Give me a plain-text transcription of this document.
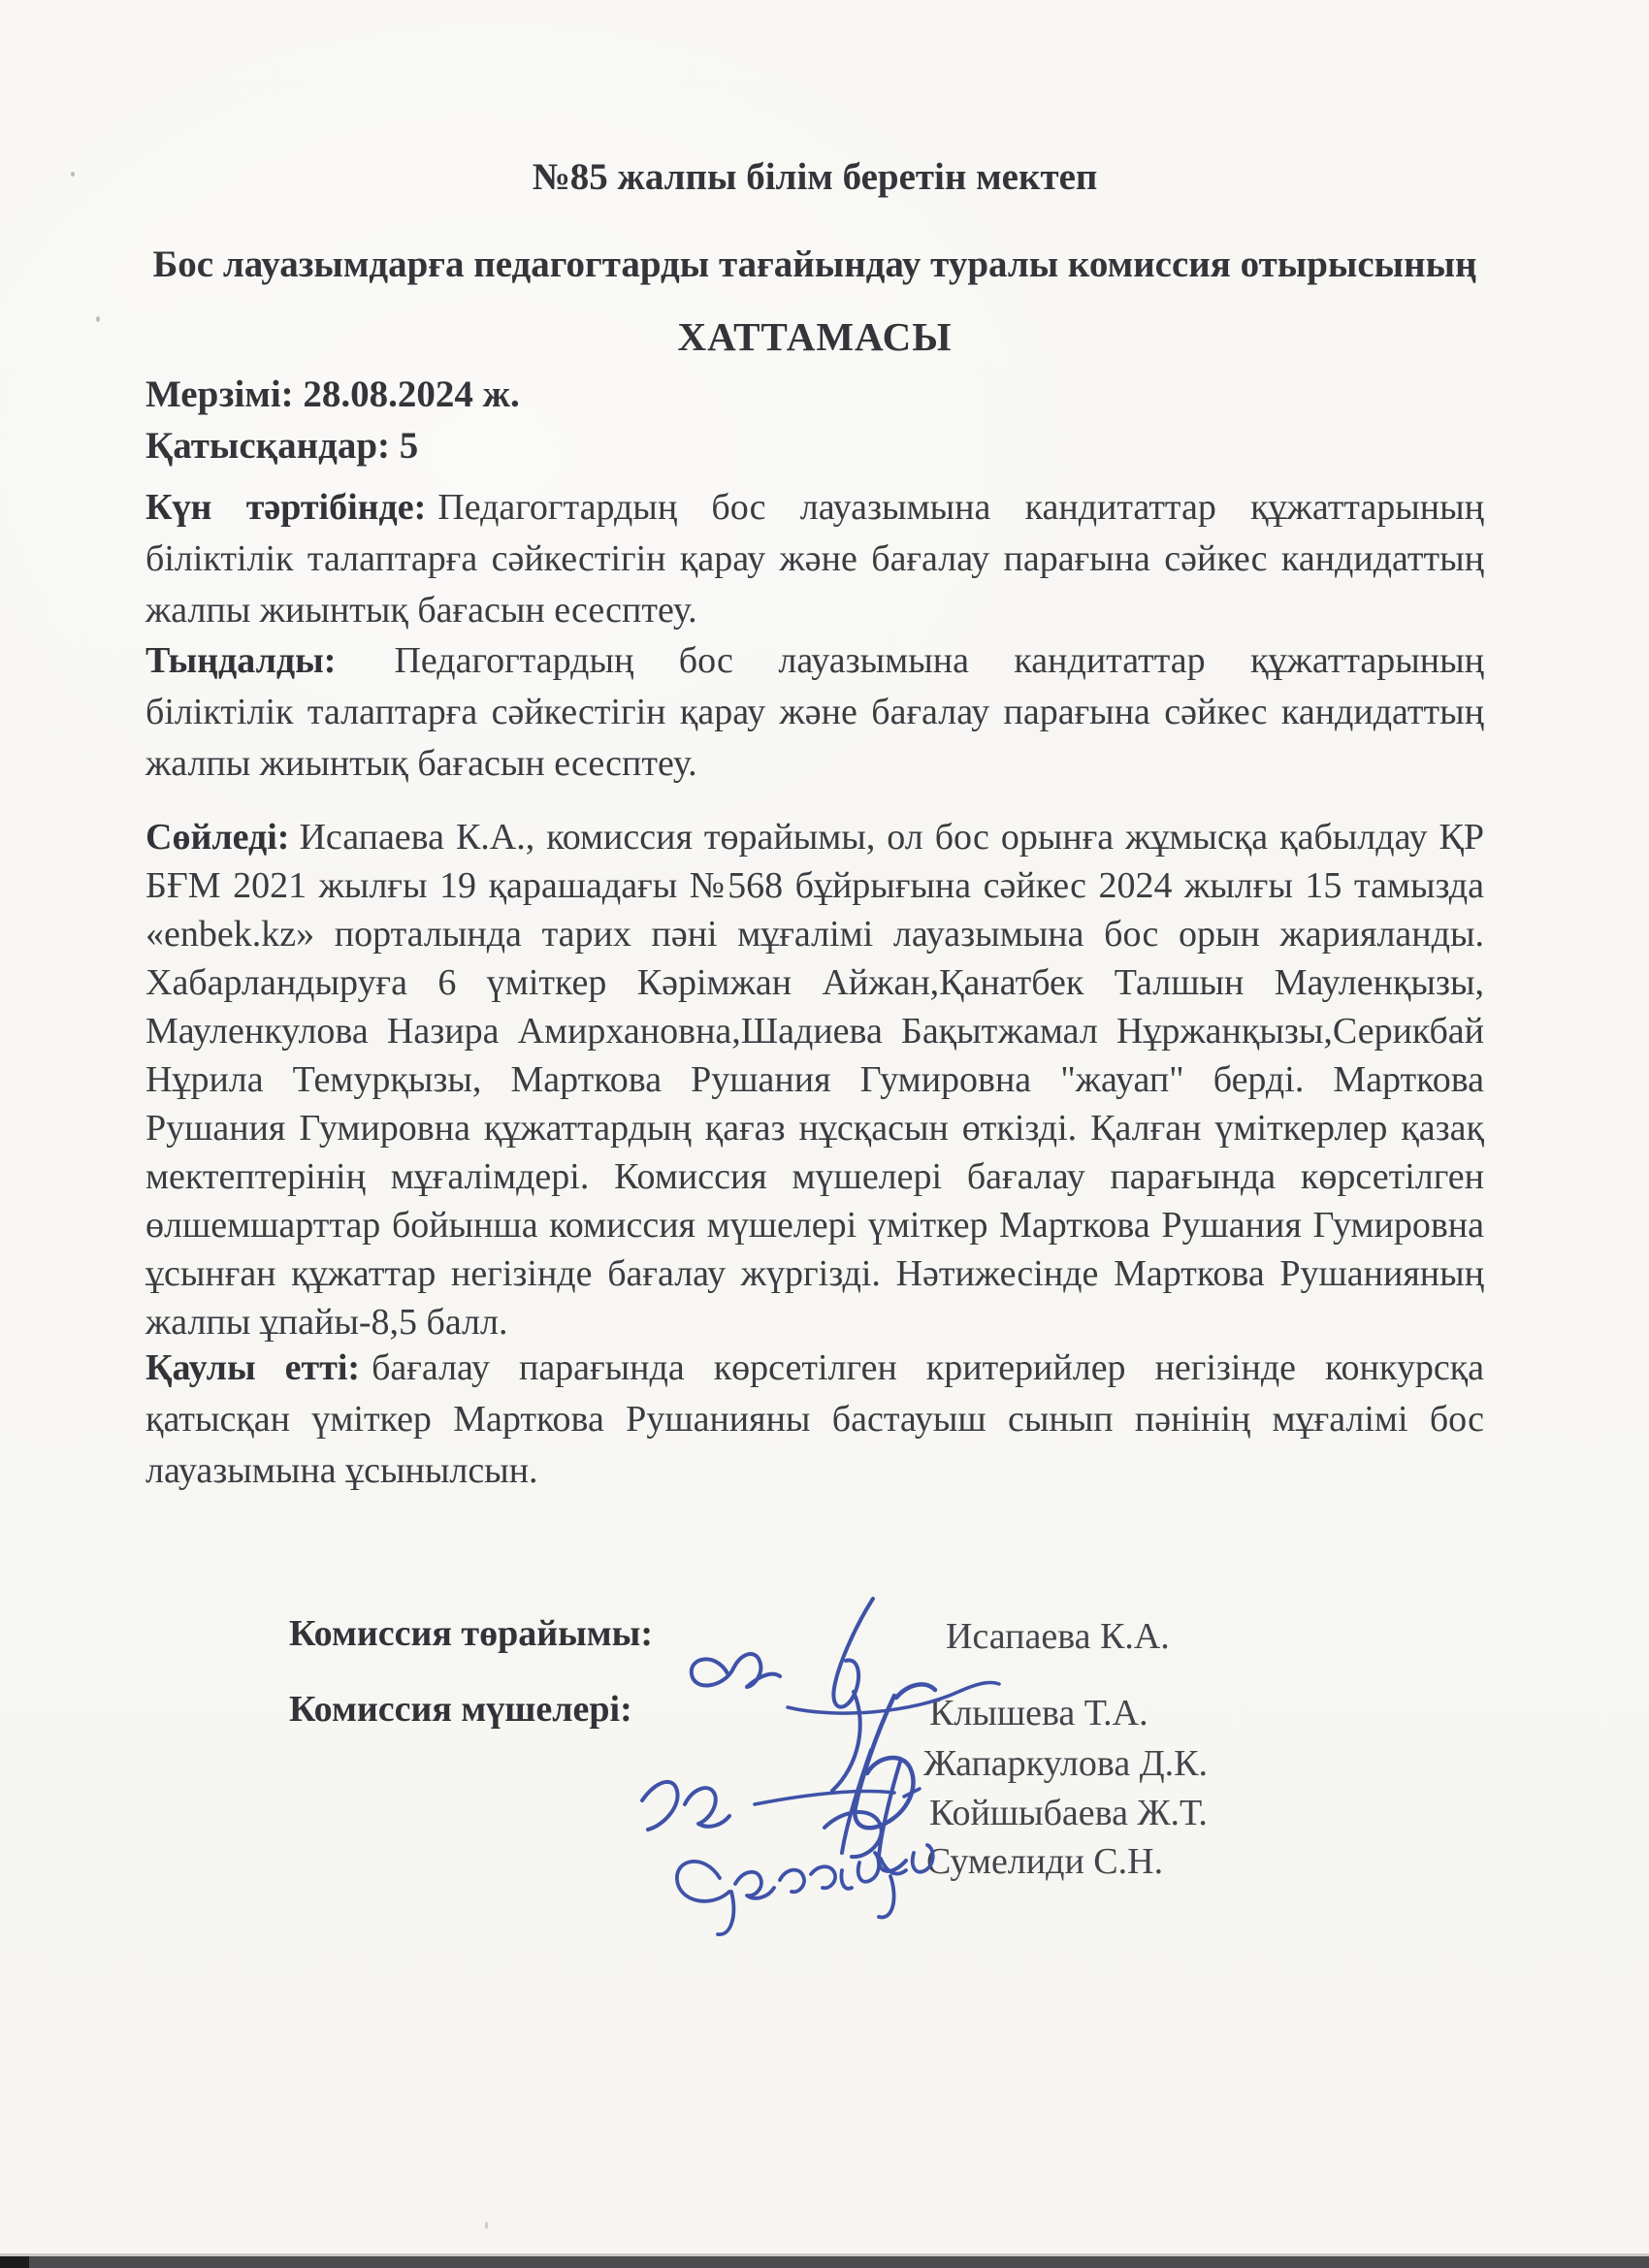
№85 жалпы білім беретін мектеп
Бос лауазымдарға педагогтарды тағайындау туралы комиссия отырысының
ХАТТАМАСЫ
Мерзімі: 28.08.2024 ж.
Қатысқандар: 5
Күн тәртібінде: Педагогтардың бос лауазымына кандитаттар құжаттарының біліктілік талаптарға сәйкестігін қарау және бағалау парағына сәйкес кандидаттың жалпы жиынтық бағасын есесптеу.
Тыңдалды: Педагогтардың бос лауазымына кандитаттар құжаттарының біліктілік талаптарға сәйкестігін қарау және бағалау парағына сәйкес кандидаттың жалпы жиынтық бағасын есесптеу.
Сөйледі: Исапаева К.А., комиссия төрайымы, ол бос орынға жұмысқа қабылдау ҚР БҒМ 2021 жылғы 19 қарашадағы №568 бұйрығына сәйкес 2024 жылғы 15 тамызда «enbek.kz» порталында тарих пәні мұғалімі лауазымына бос орын жарияланды. Хабарландыруға 6 үміткер Кәрімжан Айжан,Қанатбек Талшын Мауленқызы, Мауленкулова Назира Амирхановна,Шадиева Бақытжамал Нұржанқызы,Серикбай Нұрила Темурқызы, Марткова Рушания Гумировна "жауап" берді. Марткова Рушания Гумировна құжаттардың қағаз нұсқасын өткізді. Қалған үміткерлер қазақ мектептерінің мұғалімдері. Комиссия мүшелері бағалау парағында көрсетілген өлшемшарттар бойынша комиссия мүшелері үміткер Марткова Рушания Гумировна ұсынған құжаттар негізінде бағалау жүргізді. Нәтижесінде Марткова Рушанияның жалпы ұпайы-8,5 балл.
Қаулы етті: бағалау парағында көрсетілген критерийлер негізінде конкурсқа қатысқан үміткер Марткова Рушанияны бастауыш сынып пәнінің мұғалімі бос лауазымына ұсынылсын.
Комиссия төрайымы:	Исапаева К.А.
Комиссия мүшелері:	Клышева Т.А.
Жапаркулова Д.К.
Койшыбаева Ж.Т.
Сумелиди С.Н.
